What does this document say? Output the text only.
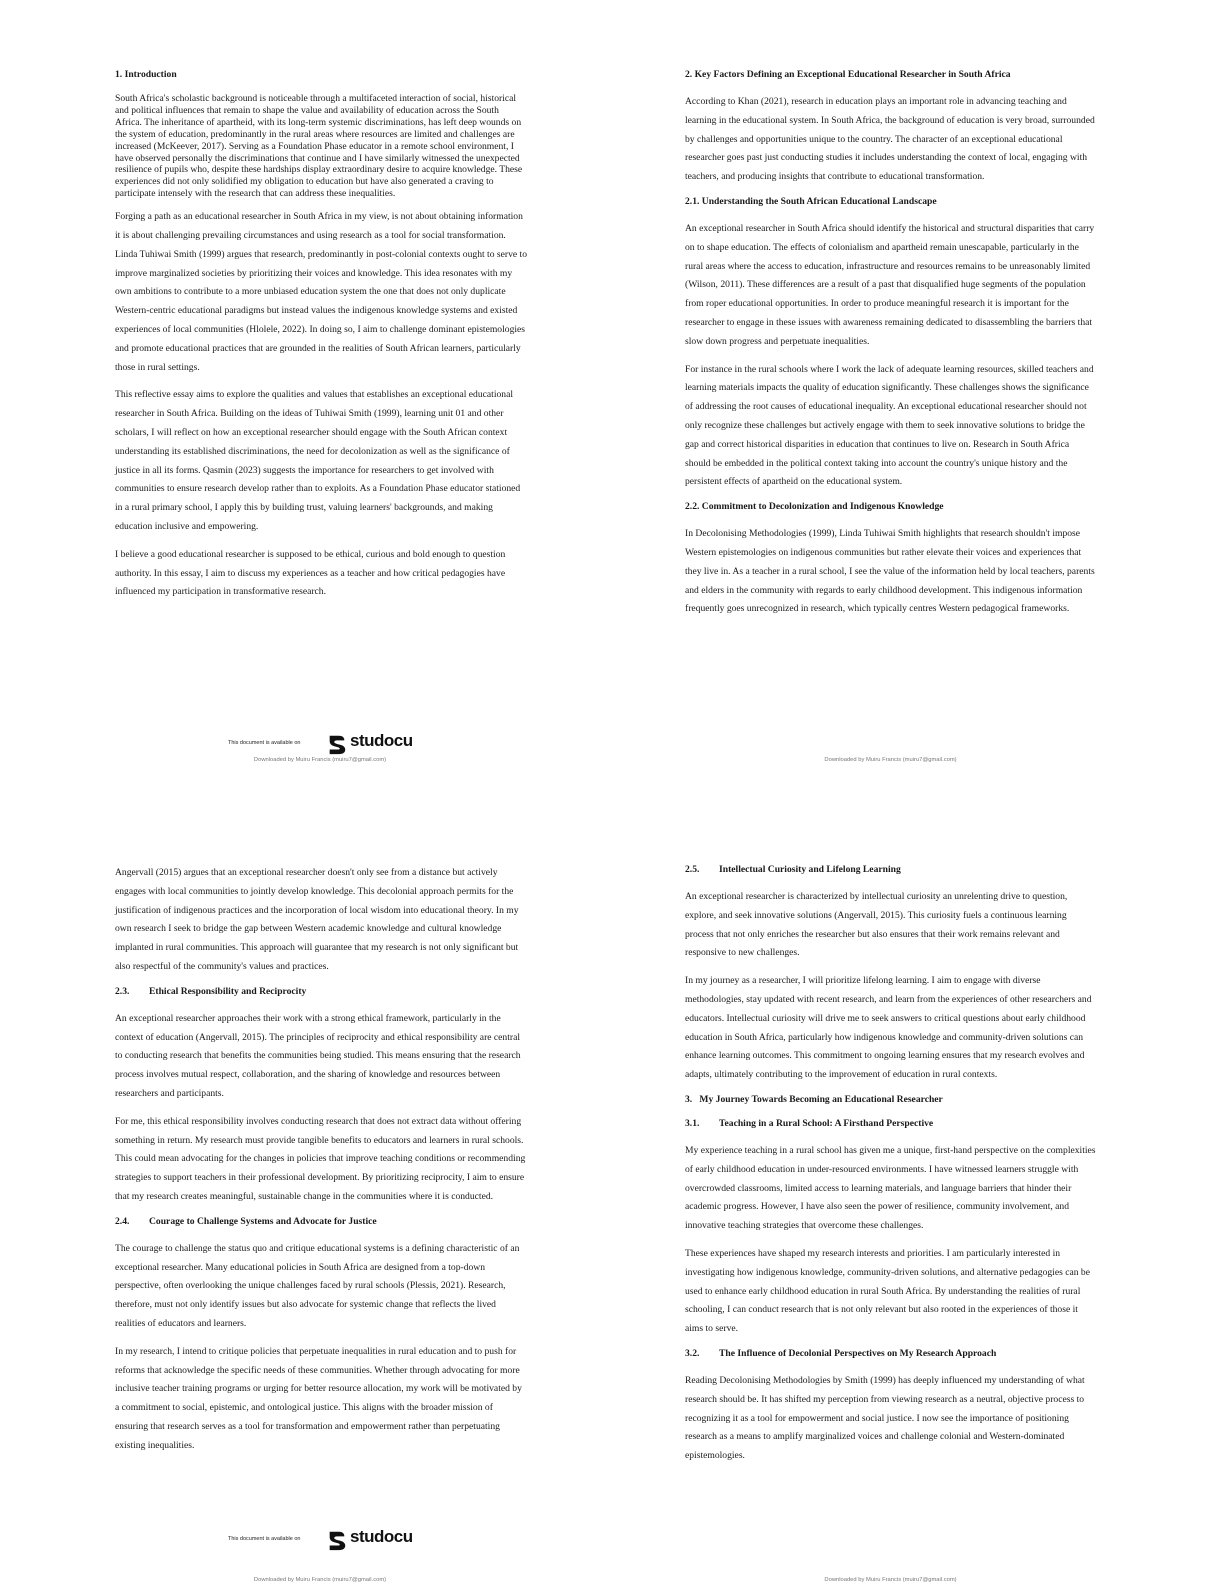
1. Introduction

South Africa's scholastic background is noticeable through a multifaceted interaction of social, historical and political influences that remain to shape the value and availability of education across the South Africa. The inheritance of apartheid, with its long-term systemic discriminations, has left deep wounds on the system of education, predominantly in the rural areas where resources are limited and challenges are increased (McKeever, 2017). Serving as a Foundation Phase educator in a remote school environment, I have observed personally the discriminations that continue and I have similarly witnessed the unexpected resilience of pupils who, despite these hardships display extraordinary desire to acquire knowledge. These experiences did not only solidified my obligation to education but have also generated a craving to participate intensely with the research that can address these inequalities.

Forging a path as an educational researcher in South Africa in my view, is not about obtaining information it is about challenging prevailing circumstances and using research as a tool for social transformation. Linda Tuhiwai Smith (1999) argues that research, predominantly in post-colonial contexts ought to serve to improve marginalized societies by prioritizing their voices and knowledge. This idea resonates with my own ambitions to contribute to a more unbiased education system the one that does not only duplicate Western-centric educational paradigms but instead values the indigenous knowledge systems and existed experiences of local communities (Hlolele, 2022). In doing so, I aim to challenge dominant epistemologies and promote educational practices that are grounded in the realities of South African learners, particularly those in rural settings.

This reflective essay aims to explore the qualities and values that establishes an exceptional educational researcher in South Africa. Building on the ideas of Tuhiwai Smith (1999), learning unit 01 and other scholars, I will reflect on how an exceptional researcher should engage with the South African context understanding its established discriminations, the need for decolonization as well as the significance of justice in all its forms. Qasmin (2023) suggests the importance for researchers to get involved with communities to ensure research develop rather than to exploits. As a Foundation Phase educator stationed in a rural primary school, I apply this by building trust, valuing learners' backgrounds, and making education inclusive and empowering.

I believe a good educational researcher is supposed to be ethical, curious and bold enough to question authority. In this essay, I aim to discuss my experiences as a teacher and how critical pedagogies have influenced my participation in transformative research.

This document is available on	studocu
Downloaded by Muiru Francis (muiru7@gmail.com)
2. Key Factors Defining an Exceptional Educational Researcher in South Africa

According to Khan (2021), research in education plays an important role in advancing teaching and learning in the educational system. In South Africa, the background of education is very broad, surrounded by challenges and opportunities unique to the country. The character of an exceptional educational researcher goes past just conducting studies it includes understanding the context of local, engaging with teachers, and producing insights that contribute to educational transformation.

2.1. Understanding the South African Educational Landscape

An exceptional researcher in South Africa should identify the historical and structural disparities that carry on to shape education. The effects of colonialism and apartheid remain unescapable, particularly in the rural areas where the access to education, infrastructure and resources remains to be unreasonably limited (Wilson, 2011). These differences are a result of a past that disqualified huge segments of the population from roper educational opportunities. In order to produce meaningful research it is important for the researcher to engage in these issues with awareness remaining dedicated to disassembling the barriers that slow down progress and perpetuate inequalities.

For instance in the rural schools where I work the lack of adequate learning resources, skilled teachers and learning materials impacts the quality of education significantly. These challenges shows the significance of addressing the root causes of educational inequality. An exceptional educational researcher should not only recognize these challenges but actively engage with them to seek innovative solutions to bridge the gap and correct historical disparities in education that continues to live on. Research in South Africa should be embedded in the political context taking into account the country's unique history and the persistent effects of apartheid on the educational system.

2.2. Commitment to Decolonization and Indigenous Knowledge

In Decolonising Methodologies (1999), Linda Tuhiwai Smith highlights that research shouldn't impose Western epistemologies on indigenous communities but rather elevate their voices and experiences that they live in. As a teacher in a rural school, I see the value of the information held by local teachers, parents and elders in the community with regards to early childhood development. This indigenous information frequently goes unrecognized in research, which typically centres Western pedagogical frameworks.

Downloaded by Muiru Francis (muiru7@gmail.com)

Angervall (2015) argues that an exceptional researcher doesn't only see from a distance but actively engages with local communities to jointly develop knowledge. This decolonial approach permits for the justification of indigenous practices and the incorporation of local wisdom into educational theory. In my own research I seek to bridge the gap between Western academic knowledge and cultural knowledge implanted in rural communities. This approach will guarantee that my research is not only significant but also respectful of the community's values and practices.

2.3. Ethical Responsibility and Reciprocity

An exceptional researcher approaches their work with a strong ethical framework, particularly in the context of education (Angervall, 2015). The principles of reciprocity and ethical responsibility are central to conducting research that benefits the communities being studied. This means ensuring that the research process involves mutual respect, collaboration, and the sharing of knowledge and resources between researchers and participants.

For me, this ethical responsibility involves conducting research that does not extract data without offering something in return. My research must provide tangible benefits to educators and learners in rural schools. This could mean advocating for the changes in policies that improve teaching conditions or recommending strategies to support teachers in their professional development. By prioritizing reciprocity, I aim to ensure that my research creates meaningful, sustainable change in the communities where it is conducted.

2.4. Courage to Challenge Systems and Advocate for Justice

The courage to challenge the status quo and critique educational systems is a defining characteristic of an exceptional researcher. Many educational policies in South Africa are designed from a top-down perspective, often overlooking the unique challenges faced by rural schools (Plessis, 2021). Research, therefore, must not only identify issues but also advocate for systemic change that reflects the lived realities of educators and learners.

In my research, I intend to critique policies that perpetuate inequalities in rural education and to push for reforms that acknowledge the specific needs of these communities. Whether through advocating for more inclusive teacher training programs or urging for better resource allocation, my work will be motivated by a commitment to social, epistemic, and ontological justice. This aligns with the broader mission of ensuring that research serves as a tool for transformation and empowerment rather than perpetuating existing inequalities.

This document is available on	studocu
Downloaded by Muiru Francis (muiru7@gmail.com)
2.5. Intellectual Curiosity and Lifelong Learning

An exceptional researcher is characterized by intellectual curiosity an unrelenting drive to question, explore, and seek innovative solutions (Angervall, 2015). This curiosity fuels a continuous learning process that not only enriches the researcher but also ensures that their work remains relevant and responsive to new challenges.

In my journey as a researcher, I will prioritize lifelong learning. I aim to engage with diverse methodologies, stay updated with recent research, and learn from the experiences of other researchers and educators. Intellectual curiosity will drive me to seek answers to critical questions about early childhood education in South Africa, particularly how indigenous knowledge and community-driven solutions can enhance learning outcomes. This commitment to ongoing learning ensures that my research evolves and adapts, ultimately contributing to the improvement of education in rural contexts.

3. My Journey Towards Becoming an Educational Researcher
3.1. Teaching in a Rural School: A Firsthand Perspective

My experience teaching in a rural school has given me a unique, first-hand perspective on the complexities of early childhood education in under-resourced environments. I have witnessed learners struggle with overcrowded classrooms, limited access to learning materials, and language barriers that hinder their academic progress. However, I have also seen the power of resilience, community involvement, and innovative teaching strategies that overcome these challenges.

These experiences have shaped my research interests and priorities. I am particularly interested in investigating how indigenous knowledge, community-driven solutions, and alternative pedagogies can be used to enhance early childhood education in rural South Africa. By understanding the realities of rural schooling, I can conduct research that is not only relevant but also rooted in the experiences of those it aims to serve.

3.2. The Influence of Decolonial Perspectives on My Research Approach

Reading Decolonising Methodologies by Smith (1999) has deeply influenced my understanding of what research should be. It has shifted my perception from viewing research as a neutral, objective process to recognizing it as a tool for empowerment and social justice. I now see the importance of positioning research as a means to amplify marginalized voices and challenge colonial and Western-dominated epistemologies.

Downloaded by Muiru Francis (muiru7@gmail.com)
